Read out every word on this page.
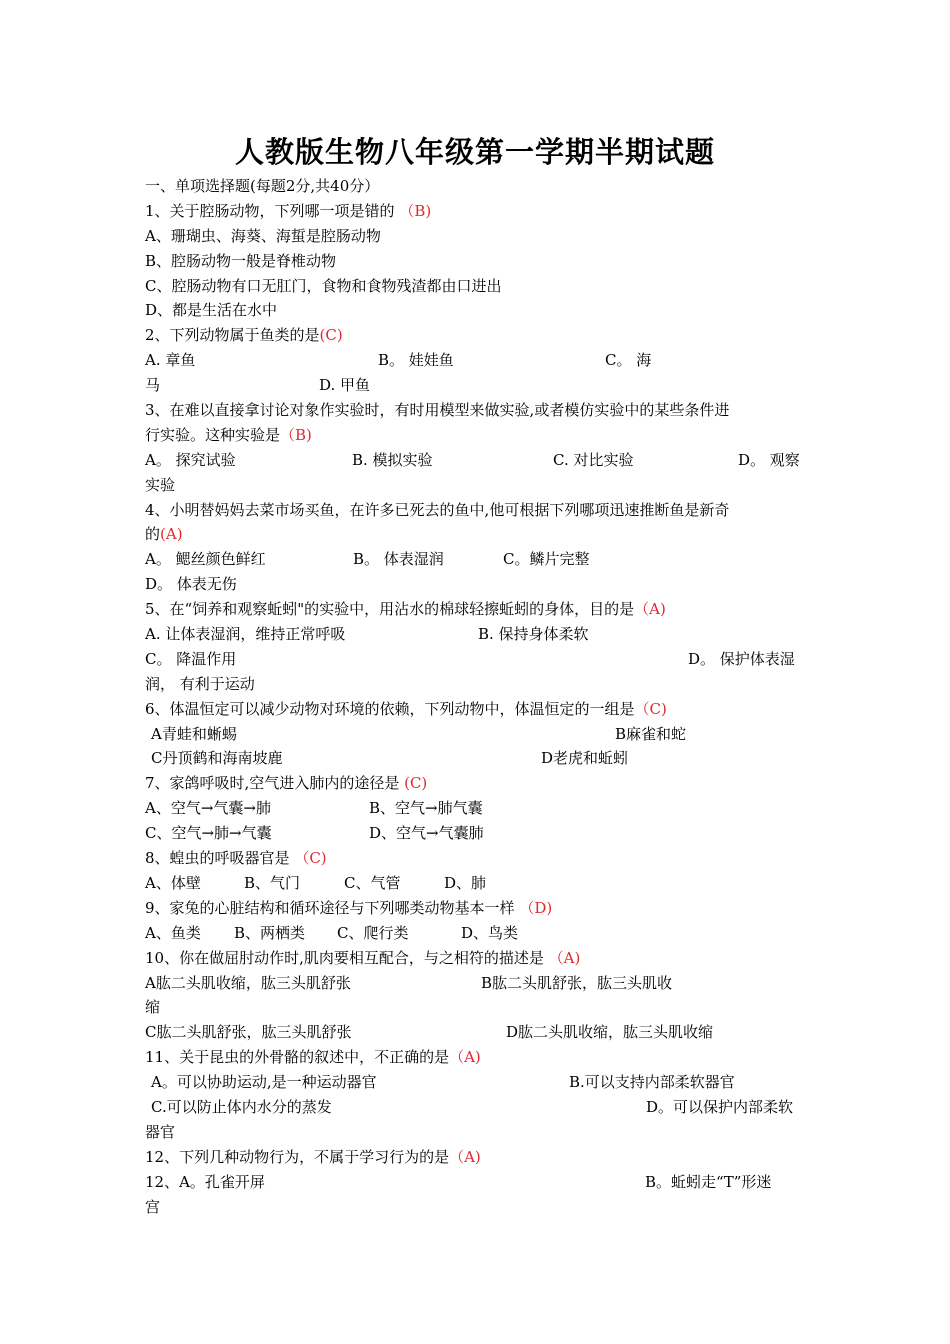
人教版生物八年级第一学期半期试题
一、单项选择题(每题2分,共40分）
1、关于腔肠动物，下列哪一项是错的 （B)
A、珊瑚虫、海葵、海蜇是腔肠动物
B、腔肠动物一般是脊椎动物
C、腔肠动物有口无肛门，食物和食物残渣都由口进出
D、都是生活在水中
2、下列动物属于鱼类的是(C)
A. 章鱼	B。 娃娃鱼	C。 海
马	D. 甲鱼
3、在难以直接拿讨论对象作实验时，有时用模型来做实验,或者模仿实验中的某些条件进
行实验。这种实验是（B)
A。 探究试验	B. 模拟实验	C. 对比实验	D。 观察
实验
4、小明替妈妈去菜市场买鱼，在许多已死去的鱼中,他可根据下列哪项迅速推断鱼是新奇
的(A)
A。 鳃丝颜色鲜红	B。 体表湿润	C。鳞片完整
D。 体表无伤
5、在“饲养和观察蚯蚓"的实验中，用沾水的棉球轻擦蚯蚓的身体，目的是（A)
A. 让体表湿润，维持正常呼吸	B. 保持身体柔软
C。 降温作用	D。 保护体表湿
润， 有利于运动
6、体温恒定可以减少动物对环境的依赖，下列动物中，体温恒定的一组是（C)
A青蛙和蜥蜴	B麻雀和蛇
C丹顶鹤和海南坡鹿	D老虎和蚯蚓
7、家鸽呼吸时,空气进入肺内的途径是 (C)
A、空气→气囊→肺	B、空气→肺气囊
C、空气→肺→气囊	D、空气→气囊肺
8、蝗虫的呼吸器官是 （C)
A、体壁	B、气门	C、气管	D、肺
9、家兔的心脏结构和循环途径与下列哪类动物基本一样 （D)
A、鱼类 B、两栖类 C、爬行类	D、鸟类
10、你在做屈肘动作时,肌肉要相互配合，与之相符的描述是 （A)
A肱二头肌收缩，肱三头肌舒张	B肱二头肌舒张，肱三头肌收
缩
C肱二头肌舒张，肱三头肌舒张	D肱二头肌收缩，肱三头肌收缩
11、关于昆虫的外骨骼的叙述中，不正确的是（A)
A。可以协助运动,是一种运动器官	B.可以支持内部柔软器官
C.可以防止体内水分的蒸发	D。可以保护内部柔软
器官
12、下列几种动物行为，不属于学习行为的是（A)
12、A。孔雀开屏	B。蚯蚓走“T”形迷
宫
